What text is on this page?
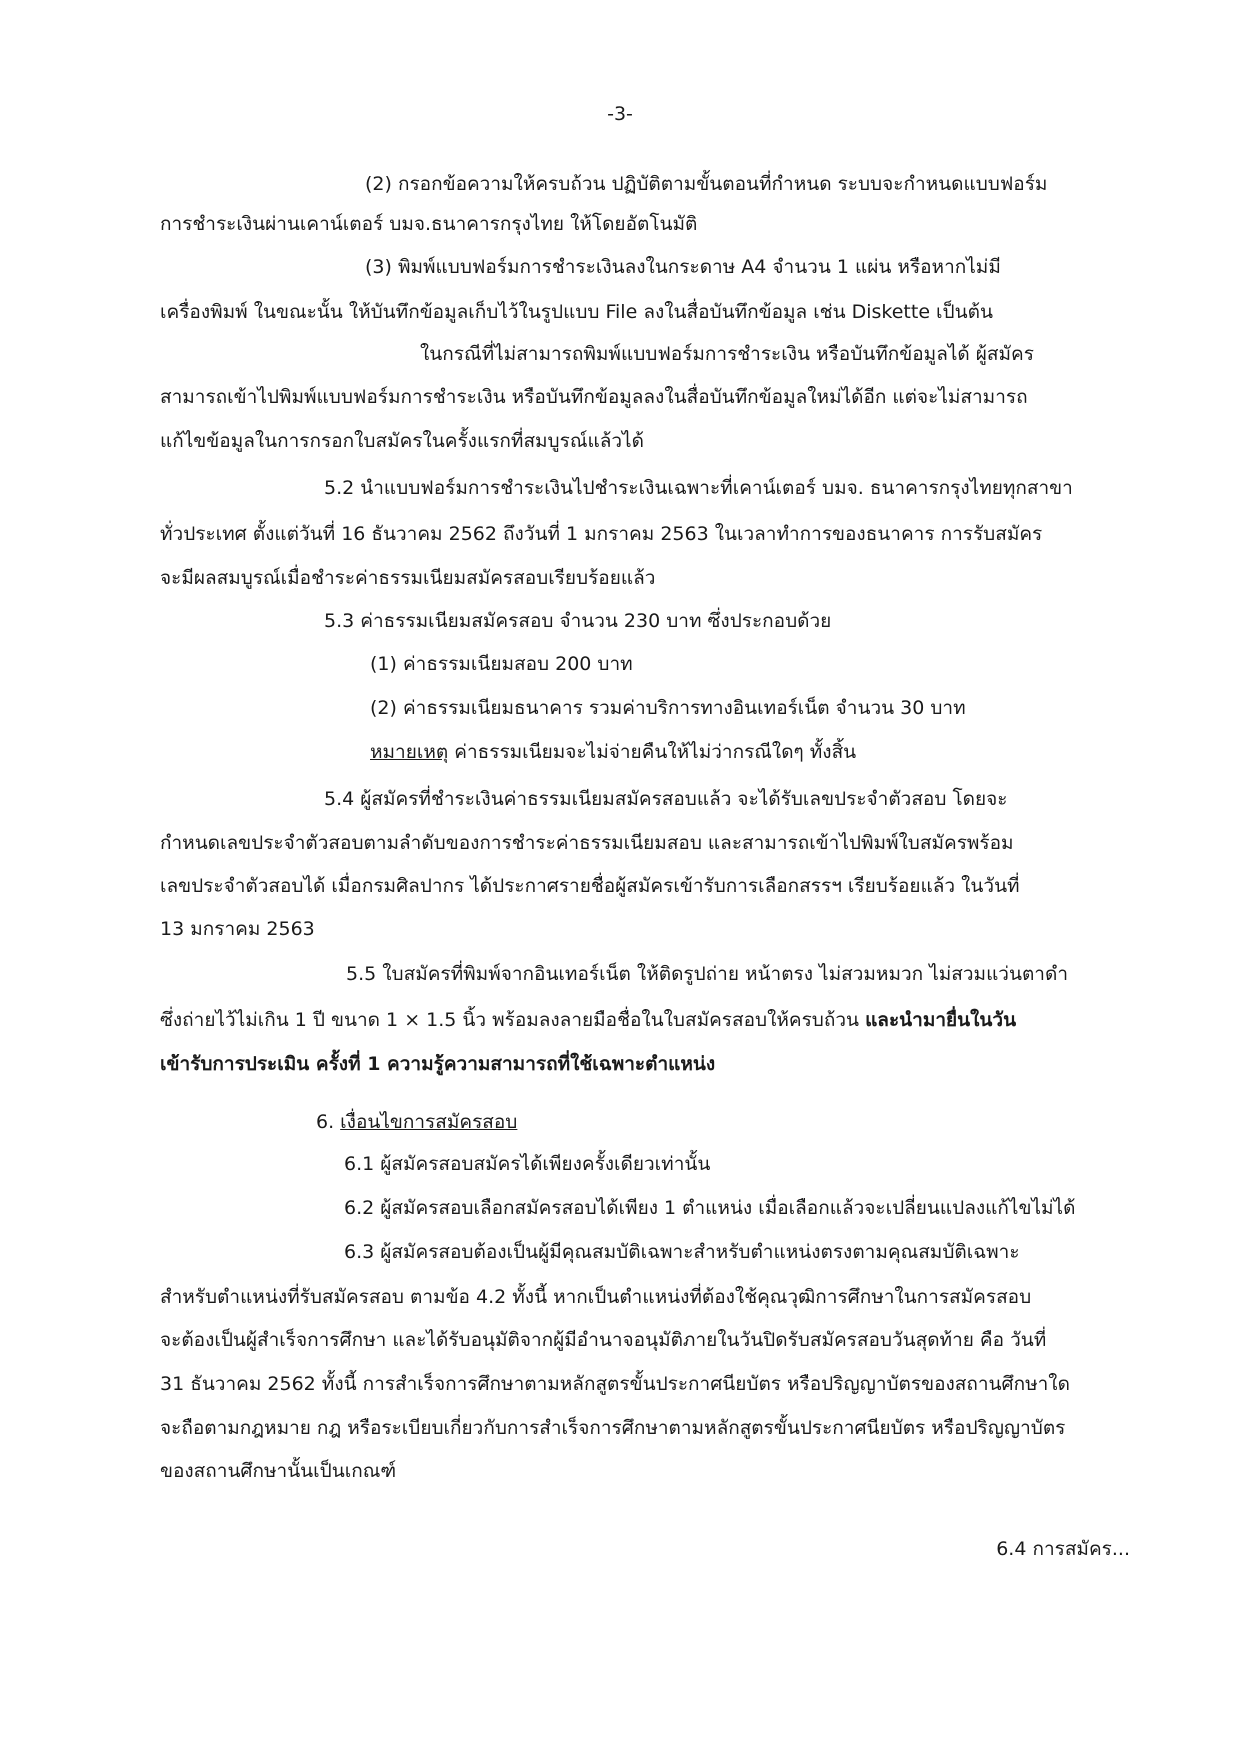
-3-
(2) กรอกข้อความให้ครบถ้วน ปฏิบัติตามขั้นตอนที่กำหนด ระบบจะกำหนดแบบฟอร์ม
การชำระเงินผ่านเคาน์เตอร์ บมจ.ธนาคารกรุงไทย ให้โดยอัตโนมัติ
(3) พิมพ์แบบฟอร์มการชำระเงินลงในกระดาษ A4 จำนวน 1 แผ่น หรือหากไม่มี
เครื่องพิมพ์ ในขณะนั้น ให้บันทึกข้อมูลเก็บไว้ในรูปแบบ File ลงในสื่อบันทึกข้อมูล เช่น Diskette เป็นต้น
ในกรณีที่ไม่สามารถพิมพ์แบบฟอร์มการชำระเงิน หรือบันทึกข้อมูลได้ ผู้สมัคร
สามารถเข้าไปพิมพ์แบบฟอร์มการชำระเงิน หรือบันทึกข้อมูลลงในสื่อบันทึกข้อมูลใหม่ได้อีก แต่จะไม่สามารถ
แก้ไขข้อมูลในการกรอกใบสมัครในครั้งแรกที่สมบูรณ์แล้วได้
5.2 นำแบบฟอร์มการชำระเงินไปชำระเงินเฉพาะที่เคาน์เตอร์ บมจ. ธนาคารกรุงไทยทุกสาขา
ทั่วประเทศ ตั้งแต่วันที่ 16 ธันวาคม 2562 ถึงวันที่ 1 มกราคม 2563 ในเวลาทำการของธนาคาร การรับสมัคร
จะมีผลสมบูรณ์เมื่อชำระค่าธรรมเนียมสมัครสอบเรียบร้อยแล้ว
5.3 ค่าธรรมเนียมสมัครสอบ จำนวน 230 บาท ซึ่งประกอบด้วย
(1) ค่าธรรมเนียมสอบ 200 บาท
(2) ค่าธรรมเนียมธนาคาร รวมค่าบริการทางอินเทอร์เน็ต จำนวน 30 บาท
หมายเหตุ ค่าธรรมเนียมจะไม่จ่ายคืนให้ไม่ว่ากรณีใดๆ ทั้งสิ้น
5.4 ผู้สมัครที่ชำระเงินค่าธรรมเนียมสมัครสอบแล้ว จะได้รับเลขประจำตัวสอบ โดยจะ
กำหนดเลขประจำตัวสอบตามลำดับของการชำระค่าธรรมเนียมสอบ และสามารถเข้าไปพิมพ์ใบสมัครพร้อม
เลขประจำตัวสอบได้ เมื่อกรมศิลปากร ได้ประกาศรายชื่อผู้สมัครเข้ารับการเลือกสรรฯ เรียบร้อยแล้ว ในวันที่
13 มกราคม 2563
5.5 ใบสมัครที่พิมพ์จากอินเทอร์เน็ต ให้ติดรูปถ่าย หน้าตรง ไม่สวมหมวก ไม่สวมแว่นตาดำ
ซึ่งถ่ายไว้ไม่เกิน 1 ปี ขนาด 1 × 1.5 นิ้ว พร้อมลงลายมือชื่อในใบสมัครสอบให้ครบถ้วน และนำมายื่นในวัน
เข้ารับการประเมิน ครั้งที่ 1 ความรู้ความสามารถที่ใช้เฉพาะตำแหน่ง
6. เงื่อนไขการสมัครสอบ
6.1 ผู้สมัครสอบสมัครได้เพียงครั้งเดียวเท่านั้น
6.2 ผู้สมัครสอบเลือกสมัครสอบได้เพียง 1 ตำแหน่ง เมื่อเลือกแล้วจะเปลี่ยนแปลงแก้ไขไม่ได้
6.3 ผู้สมัครสอบต้องเป็นผู้มีคุณสมบัติเฉพาะสำหรับตำแหน่งตรงตามคุณสมบัติเฉพาะ
สำหรับตำแหน่งที่รับสมัครสอบ ตามข้อ 4.2 ทั้งนี้ หากเป็นตำแหน่งที่ต้องใช้คุณวุฒิการศึกษาในการสมัครสอบ
จะต้องเป็นผู้สำเร็จการศึกษา และได้รับอนุมัติจากผู้มีอำนาจอนุมัติภายในวันปิดรับสมัครสอบวันสุดท้าย คือ วันที่
31 ธันวาคม 2562 ทั้งนี้ การสำเร็จการศึกษาตามหลักสูตรขั้นประกาศนียบัตร หรือปริญญาบัตรของสถานศึกษาใด
จะถือตามกฎหมาย กฎ หรือระเบียบเกี่ยวกับการสำเร็จการศึกษาตามหลักสูตรขั้นประกาศนียบัตร หรือปริญญาบัตร
ของสถานศึกษานั้นเป็นเกณฑ์
6.4 การสมัคร...
